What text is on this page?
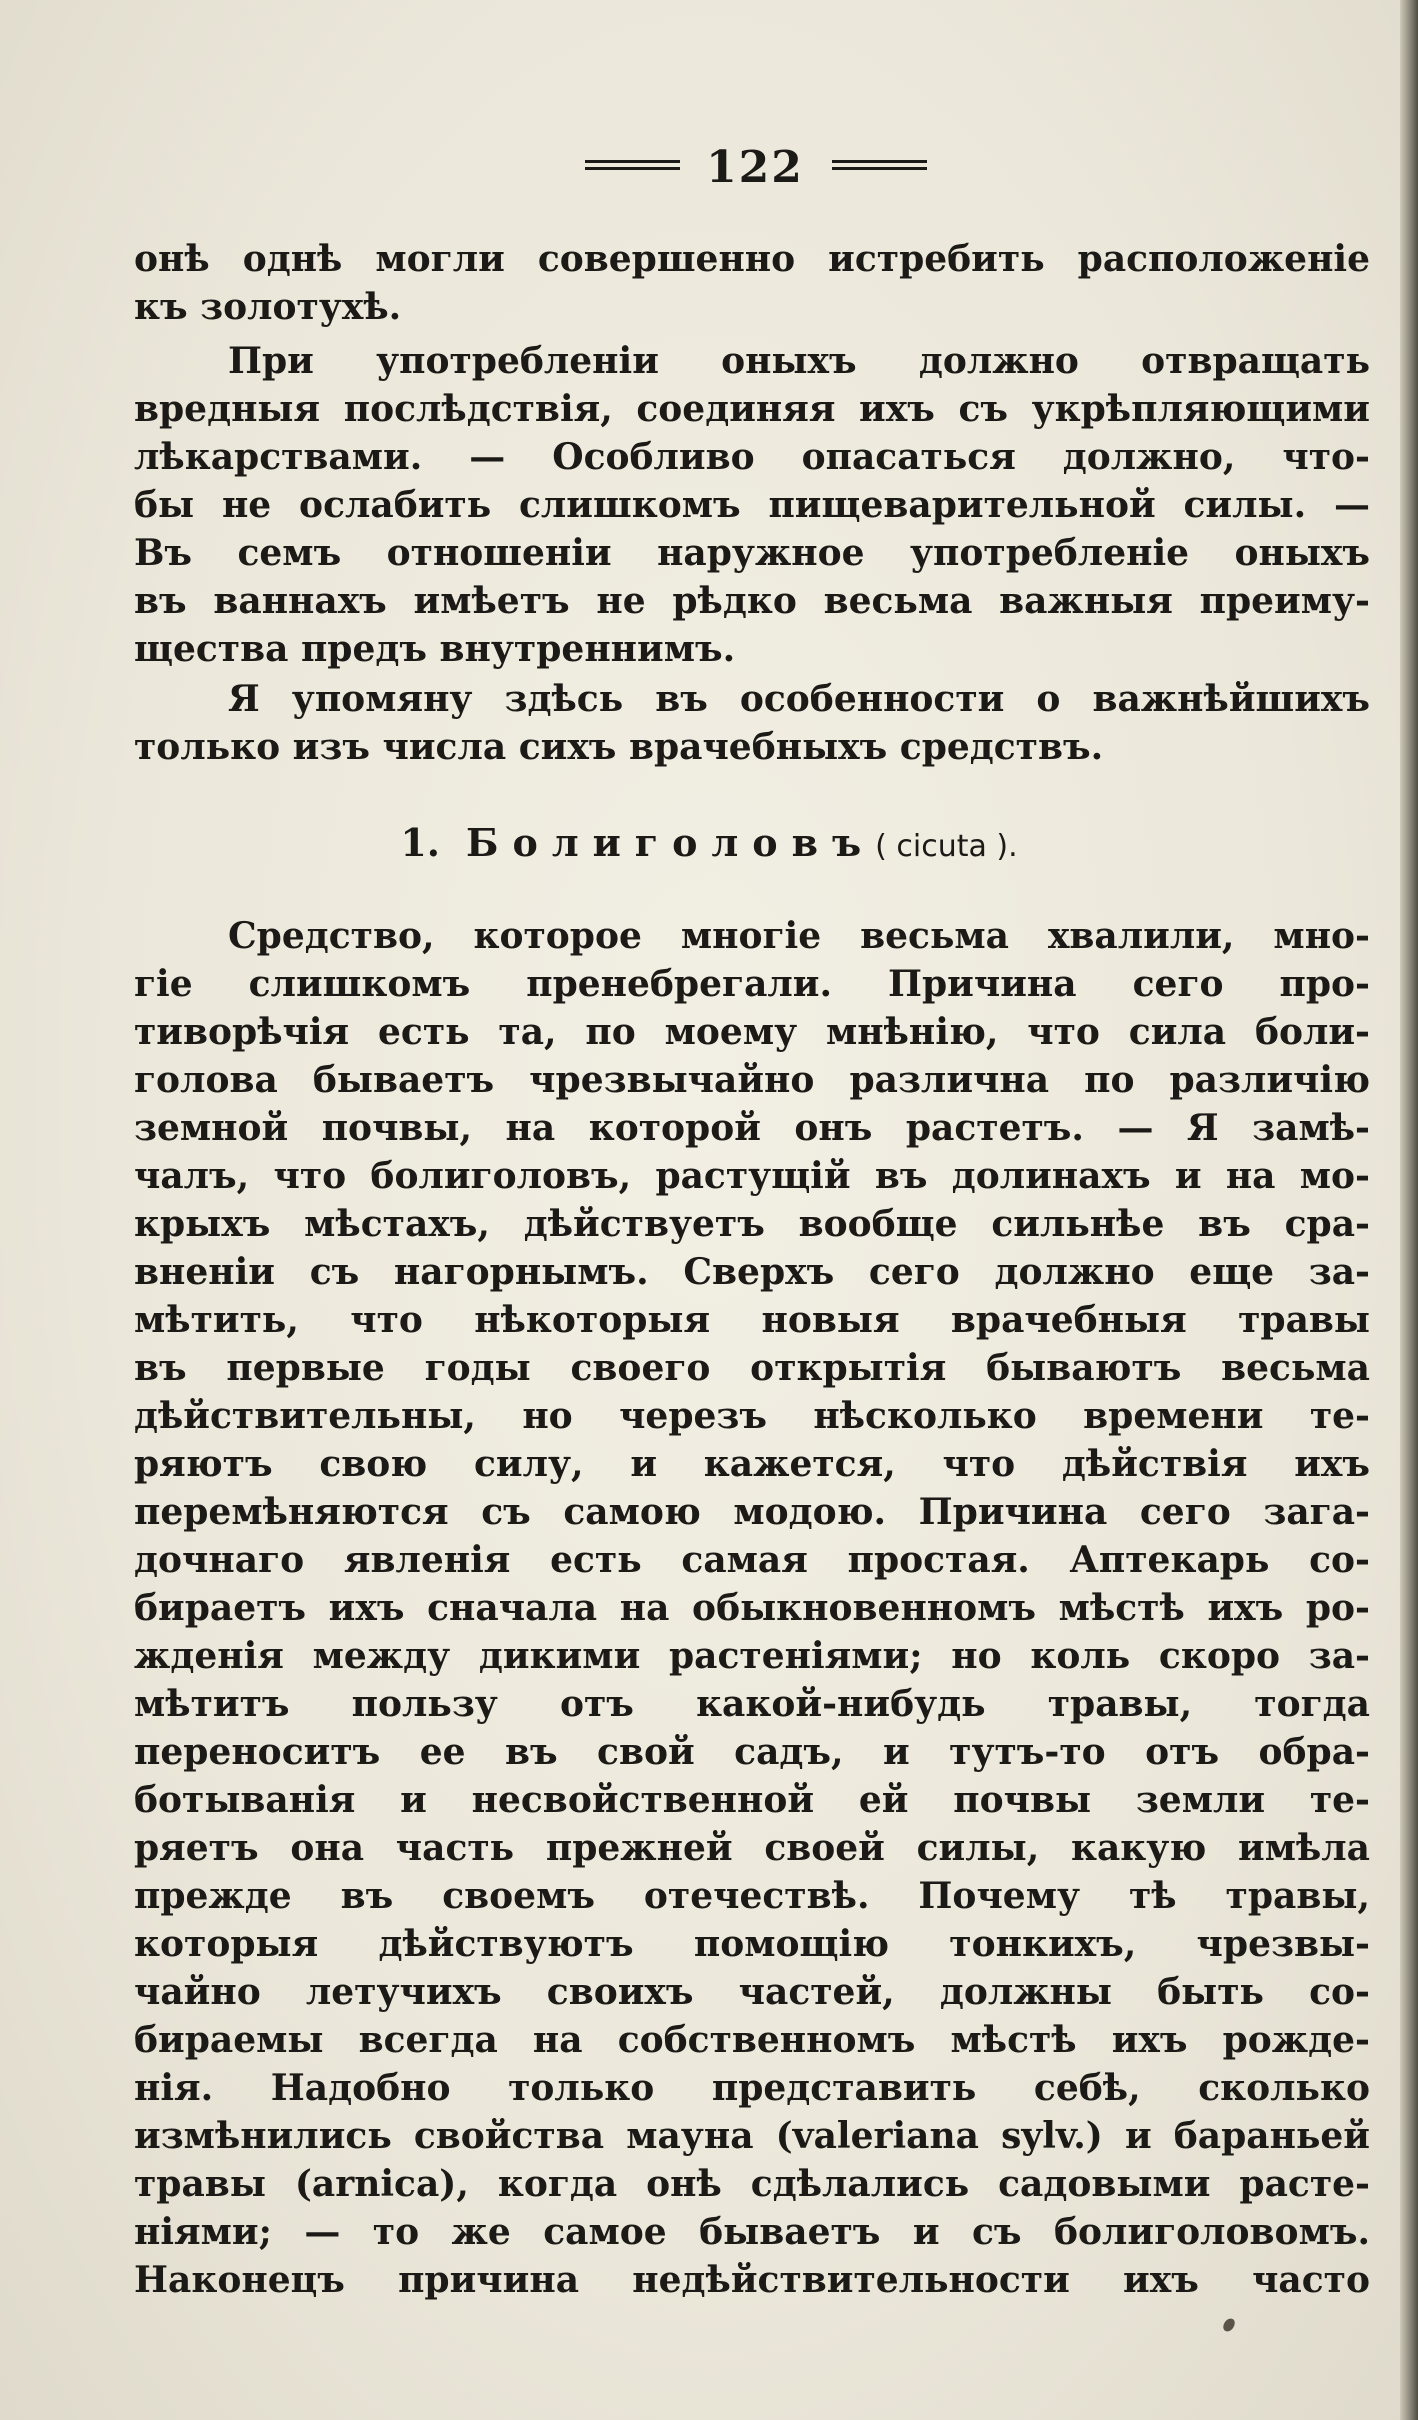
122
онѣ однѣ могли совершенно истребить расположеніе
къ золотухѣ.
При употребленіи оныхъ должно отвращать
вредныя послѣдствія, соединяя ихъ съ укрѣпляющими
лѣкарствами. — Особливо опасаться должно, что-
бы не ослабить слишкомъ пищеварительной силы. —
Въ семъ отношеніи наружное употребленіе оныхъ
въ ваннахъ имѣетъ не рѣдко весьма важныя преиму-
щества предъ внутреннимъ.
Я упомяну здѣсь въ особенности о важнѣйшихъ
только изъ числа сихъ врачебныхъ средствъ.
1. Болиголовъ( cicuta ).
Средство, которое многіе весьма хвалили, мно-
гіе слишкомъ пренебрегали. Причина сего про-
тиворѣчія есть та, по моему мнѣнію, что сила боли-
голова бываетъ чрезвычайно различна по различію
земной почвы, на которой онъ растетъ. — Я замѣ-
чалъ, что болиголовъ, растущій въ долинахъ и на мо-
крыхъ мѣстахъ, дѣйствуетъ вообще сильнѣе въ сра-
вненіи съ нагорнымъ. Сверхъ сего должно еще за-
мѣтить, что нѣкоторыя новыя врачебныя травы
въ первые годы своего открытія бываютъ весьма
дѣйствительны, но черезъ нѣсколько времени те-
ряютъ свою силу, и кажется, что дѣйствія ихъ
перемѣняются съ самою модою. Причина сего зага-
дочнаго явленія есть самая простая. Аптекарь со-
бираетъ ихъ сначала на обыкновенномъ мѣстѣ ихъ ро-
жденія между дикими растеніями; но коль скоро за-
мѣтитъ пользу отъ какой-нибудь травы, тогда
переноситъ ее въ свой садъ, и тутъ-то отъ обра-
ботыванія и несвойственной ей почвы земли те-
ряетъ она часть прежней своей силы, какую имѣла
прежде въ своемъ отечествѣ. Почему тѣ травы,
которыя дѣйствуютъ помощію тонкихъ, чрезвы-
чайно летучихъ своихъ частей, должны быть со-
бираемы всегда на собственномъ мѣстѣ ихъ рожде-
нія. Надобно только представить себѣ, сколько
измѣнились свойства мауна (valeriana sylv.) и бараньей
травы (arnica), когда онѣ сдѣлались садовыми расте-
ніями; — то же самое бываетъ и съ болиголовомъ.
Наконецъ причина недѣйствительности ихъ часто
